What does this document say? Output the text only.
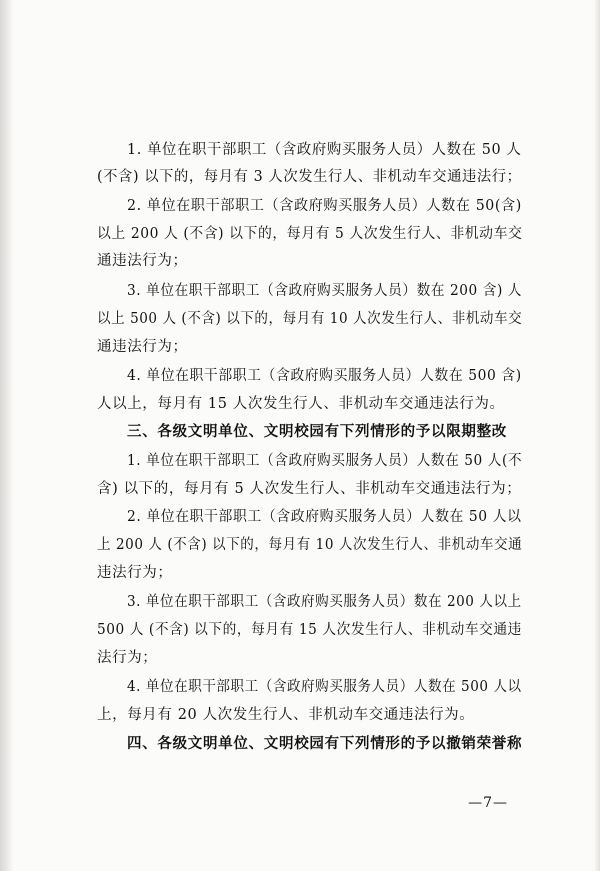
1. 单位在职干部职工（含政府购买服务人员）人数在 50 人
(不含) 以下的，每月有 3 人次发生行人、非机动车交通违法行；
2. 单位在职干部职工（含政府购买服务人员）人数在 50(含)
以上 200 人 (不含) 以下的，每月有 5 人次发生行人、非机动车交
通违法行为；
3. 单位在职干部职工（含政府购买服务人员）数在 200 含) 人
以上 500 人 (不含) 以下的，每月有 10 人次发生行人、非机动车交
通违法行为；
4. 单位在职干部职工（含政府购买服务人员）人数在 500 含)
人以上，每月有 15 人次发生行人、非机动车交通违法行为。
三、各级文明单位、文明校园有下列情形的予以限期整改
1. 单位在职干部职工（含政府购买服务人员）人数在 50 人(不
含) 以下的，每月有 5 人次发生行人、非机动车交通违法行为；
2. 单位在职干部职工（含政府购买服务人员）人数在 50 人以
上 200 人 (不含) 以下的，每月有 10 人次发生行人、非机动车交通
违法行为；
3. 单位在职干部职工（含政府购买服务人员）数在 200 人以上
500 人 (不含) 以下的，每月有 15 人次发生行人、非机动车交通违
法行为；
4. 单位在职干部职工（含政府购买服务人员）人数在 500 人以
上，每月有 20 人次发生行人、非机动车交通违法行为。
四、各级文明单位、文明校园有下列情形的予以撤销荣誉称
—7—
